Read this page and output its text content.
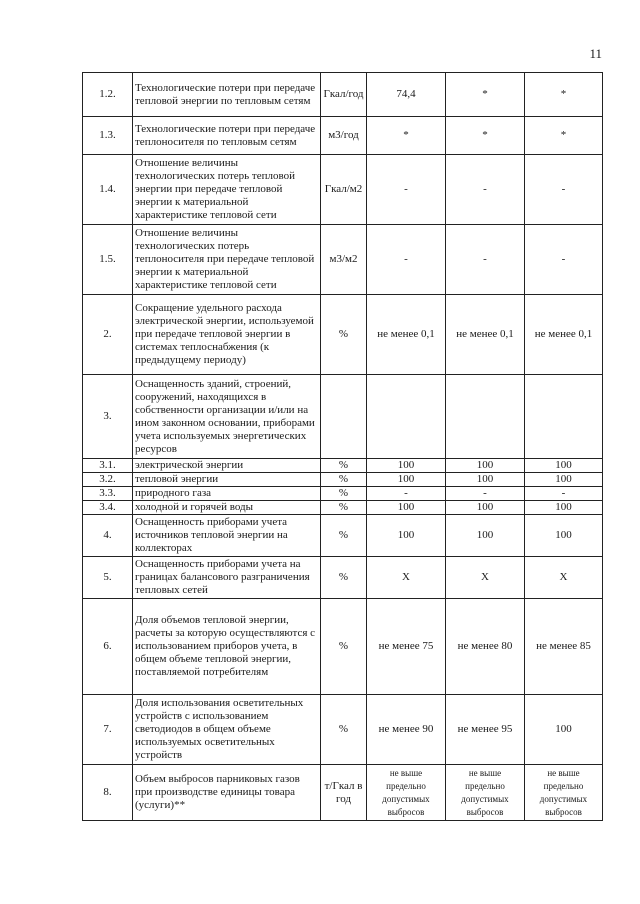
11
1.2.	Технологические потери при передаче тепловой энергии по тепловым сетям	Гкал/год	74,4	*	*
1.3.	Технологические потери при передаче теплоносителя по тепловым сетям	м3/год	*	*	*
1.4.	Отношение величины технологических потерь тепловой энергии при передаче тепловой энергии к материальной характеристике тепловой сети	Гкал/м2	-	-	-
1.5.	Отношение величины технологических потерь теплоносителя при передаче тепловой энергии к материальной характеристике тепловой сети	м3/м2	-	-	-
2.	Сокращение удельного расхода электрической энергии, используемой при передаче тепловой энергии в системах теплоснабжения (к предыдущему периоду)	%	не менее 0,1	не менее 0,1	не менее 0,1
3.	Оснащенность зданий, строений, сооружений, находящихся в собственности организации и/или на ином законном основании, приборами учета используемых энергетических ресурсов				
3.1.	электрической энергии	%	100	100	100
3.2.	тепловой энергии	%	100	100	100
3.3.	природного газа	%	-	-	-
3.4.	холодной и горячей воды	%	100	100	100
4.	Оснащенность приборами учета источников тепловой энергии на коллекторах	%	100	100	100
5.	Оснащенность приборами учета на границах балансового разграничения тепловых сетей	%	Х	Х	Х
6.	Доля объемов тепловой энергии, расчеты за которую осуществляются с использованием приборов учета, в общем объеме тепловой энергии, поставляемой потребителям	%	не менее 75	не менее 80	не менее 85
7.	Доля использования осветительных устройств с использованием светодиодов в общем объеме используемых осветительных устройств	%	не менее 90	не менее 95	100
8.	Объем выбросов парниковых газов при производстве единицы товара (услуги)**	т/Гкал в год	не выше предельно допустимых выбросов	не выше предельно допустимых выбросов	не выше предельно допустимых выбросов
